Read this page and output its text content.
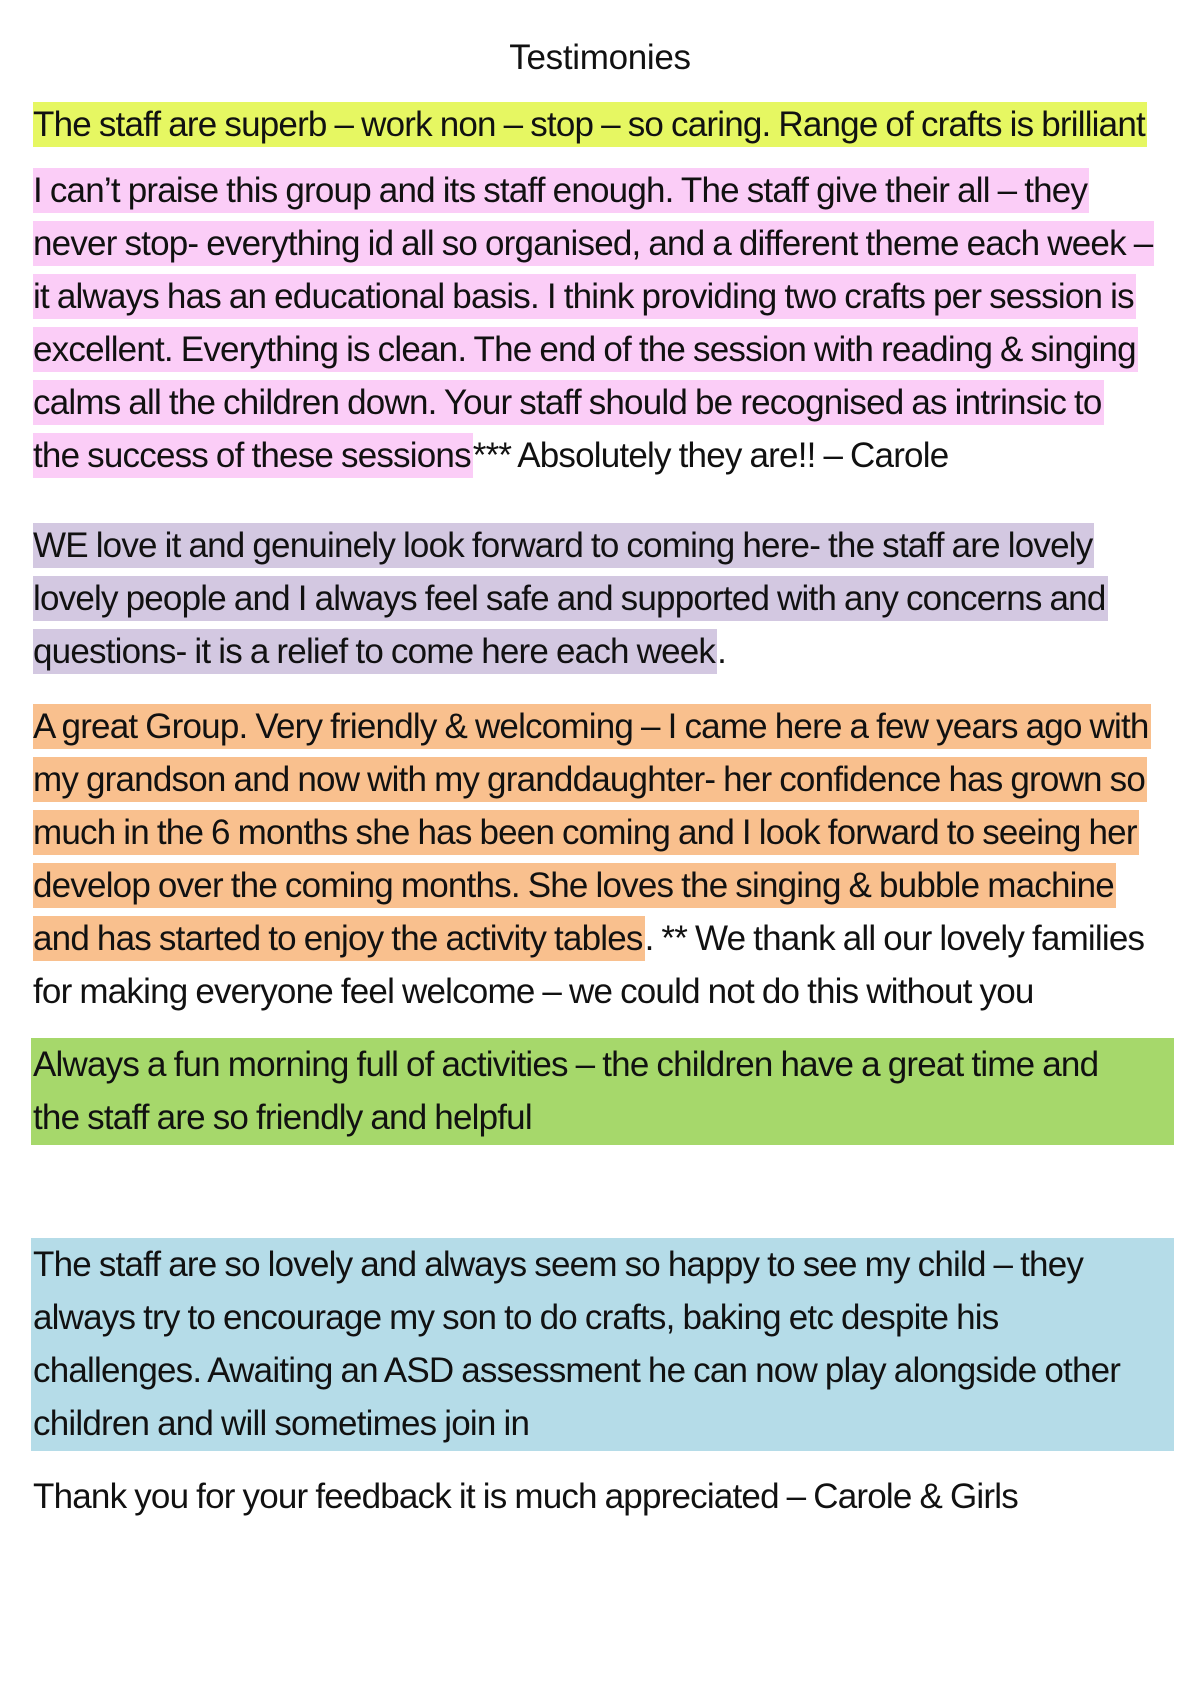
Testimonies
The staff are superb – work non – stop – so caring. Range of crafts is brilliant
I can’t praise this group and its staff enough. The staff give their all – they
never stop- everything id all so organised, and a different theme each week –
it always has an educational basis. I think providing two crafts per session is
excellent. Everything is clean. The end of the session with reading & singing
calms all the children down. Your staff should be recognised as intrinsic to
the success of these sessions*** Absolutely they are!! – Carole
WE love it and genuinely look forward to coming here- the staff are lovely
lovely people and I always feel safe and supported with any concerns and
questions- it is a relief to come here each week.
A great Group. Very friendly & welcoming – I came here a few years ago with
my grandson and now with my granddaughter- her confidence has grown so
much in the 6 months she has been coming and I look forward to seeing her
develop over the coming months. She loves the singing & bubble machine
and has started to enjoy the activity tables. ** We thank all our lovely families
for making everyone feel welcome – we could not do this without you
Always a fun morning full of activities – the children have a great time and
the staff are so friendly and helpful
The staff are so lovely and always seem so happy to see my child – they
always try to encourage my son to do crafts, baking etc despite his
challenges. Awaiting an ASD assessment he can now play alongside other
children and will sometimes join in
Thank you for your feedback it is much appreciated – Carole & Girls
